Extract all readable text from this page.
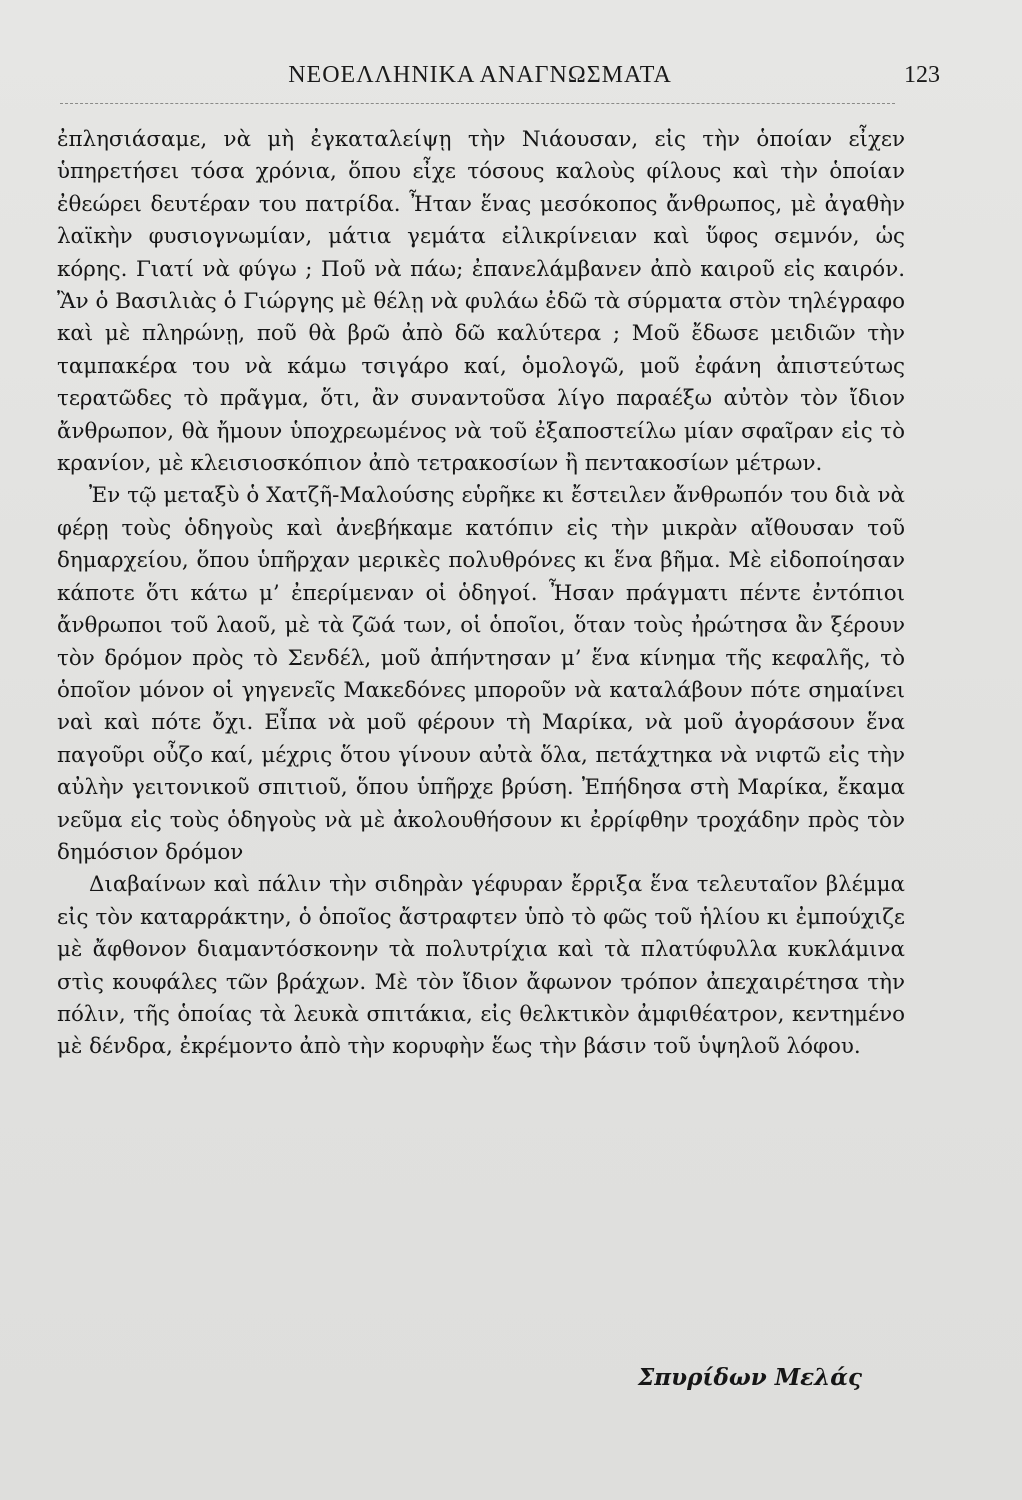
ΝΕΟΕΛΛΗΝΙΚΑ ΑΝΑΓΝΩΣΜΑΤΑ	123

ἐπλησιάσαμε, νὰ μὴ ἐγκαταλείψῃ τὴν Νιάουσαν, εἰς τὴν ὁποίαν εἶχεν ὑπηρετήσει τόσα χρόνια, ὅπου εἶχε τόσους καλοὺς φίλους καὶ τὴν ὁποίαν ἐθεώρει δευτέραν του πατρίδα. Ἦταν ἕνας μεσόκοπος ἄνθρωπος, μὲ ἀγαθὴν λαϊκὴν φυσιογνωμίαν, μάτια γεμάτα εἰλικρίνειαν καὶ ὕφος σεμνόν, ὡς κόρης. Γιατί νὰ φύγω ; Ποῦ νὰ πάω; ἐπανελάμβανεν ἀπὸ καιροῦ εἰς καιρόν. Ἂν ὁ Βασιλιὰς ὁ Γιώργης μὲ θέλῃ νὰ φυλάω ἐδῶ τὰ σύρματα στὸν τηλέγραφο καὶ μὲ πληρώνῃ, ποῦ θὰ βρῶ ἀπὸ δῶ καλύτερα ; Μοῦ ἔδωσε μειδιῶν τὴν ταμπακέρα του νὰ κάμω τσιγάρο καί, ὁμολογῶ, μοῦ ἐφάνη ἀπιστεύτως τερατῶδες τὸ πρᾶγμα, ὅτι, ἂν συναντοῦσα λίγο παραέξω αὐτὸν τὸν ἴδιον ἄνθρωπον, θὰ ἤμουν ὑποχρεωμένος νὰ τοῦ ἐξαποστείλω μίαν σφαῖραν εἰς τὸ κρανίον, μὲ κλεισιοσκόπιον ἀπὸ τετρακοσίων ἢ πεντακοσίων μέτρων.

Ἐν τῷ μεταξὺ ὁ Χατζῆ-Μαλούσης εὑρῆκε κι ἔστειλεν ἄνθρωπόν του διὰ νὰ φέρῃ τοὺς ὁδηγοὺς καὶ ἀνεβήκαμε κατόπιν εἰς τὴν μικρὰν αἴθουσαν τοῦ δημαρχείου, ὅπου ὑπῆρχαν μερικὲς πολυθρόνες κι ἕνα βῆμα. Μὲ εἰδοποίησαν κάποτε ὅτι κάτω μ’ ἐπερίμεναν οἱ ὁδηγοί. Ἦσαν πράγματι πέντε ἐντόπιοι ἄνθρωποι τοῦ λαοῦ, μὲ τὰ ζῶά των, οἱ ὁποῖοι, ὅταν τοὺς ἠρώτησα ἂν ξέρουν τὸν δρόμον πρὸς τὸ Σενδέλ, μοῦ ἀπήντησαν μ’ ἕνα κίνημα τῆς κεφαλῆς, τὸ ὁποῖον μόνον οἱ γηγενεῖς Μακεδόνες μποροῦν νὰ καταλάβουν πότε σημαίνει ναὶ καὶ πότε ὄχι. Εἶπα νὰ μοῦ φέρουν τὴ Μαρίκα, νὰ μοῦ ἀγοράσουν ἕνα παγοῦρι οὖζο καί, μέχρις ὅτου γίνουν αὐτὰ ὅλα, πετάχτηκα νὰ νιφτῶ εἰς τὴν αὐλὴν γειτονικοῦ σπιτιοῦ, ὅπου ὑπῆρχε βρύση. Ἐπήδησα στὴ Μαρίκα, ἔκαμα νεῦμα εἰς τοὺς ὁδηγοὺς νὰ μὲ ἀκολουθήσουν κι ἐρρίφθην τροχάδην πρὸς τὸν δημόσιον δρόμον

Διαβαίνων καὶ πάλιν τὴν σιδηρὰν γέφυραν ἔρριξα ἕνα τελευταῖον βλέμμα εἰς τὸν καταρράκτην, ὁ ὁποῖος ἄστραφτεν ὑπὸ τὸ φῶς τοῦ ἡλίου κι ἐμπούχιζε μὲ ἄφθονον διαμαντόσκονην τὰ πολυτρίχια καὶ τὰ πλατύφυλλα κυκλάμινα στὶς κουφάλες τῶν βράχων. Μὲ τὸν ἴδιον ἄφωνον τρόπον ἀπεχαιρέτησα τὴν πόλιν, τῆς ὁποίας τὰ λευκὰ σπιτάκια, εἰς θελκτικὸν ἀμφιθέατρον, κεντημένο μὲ δένδρα, ἐκρέμοντο ἀπὸ τὴν κορυφὴν ἕως τὴν βάσιν τοῦ ὑψηλοῦ λόφου.

Σπυρίδων Μελάς
